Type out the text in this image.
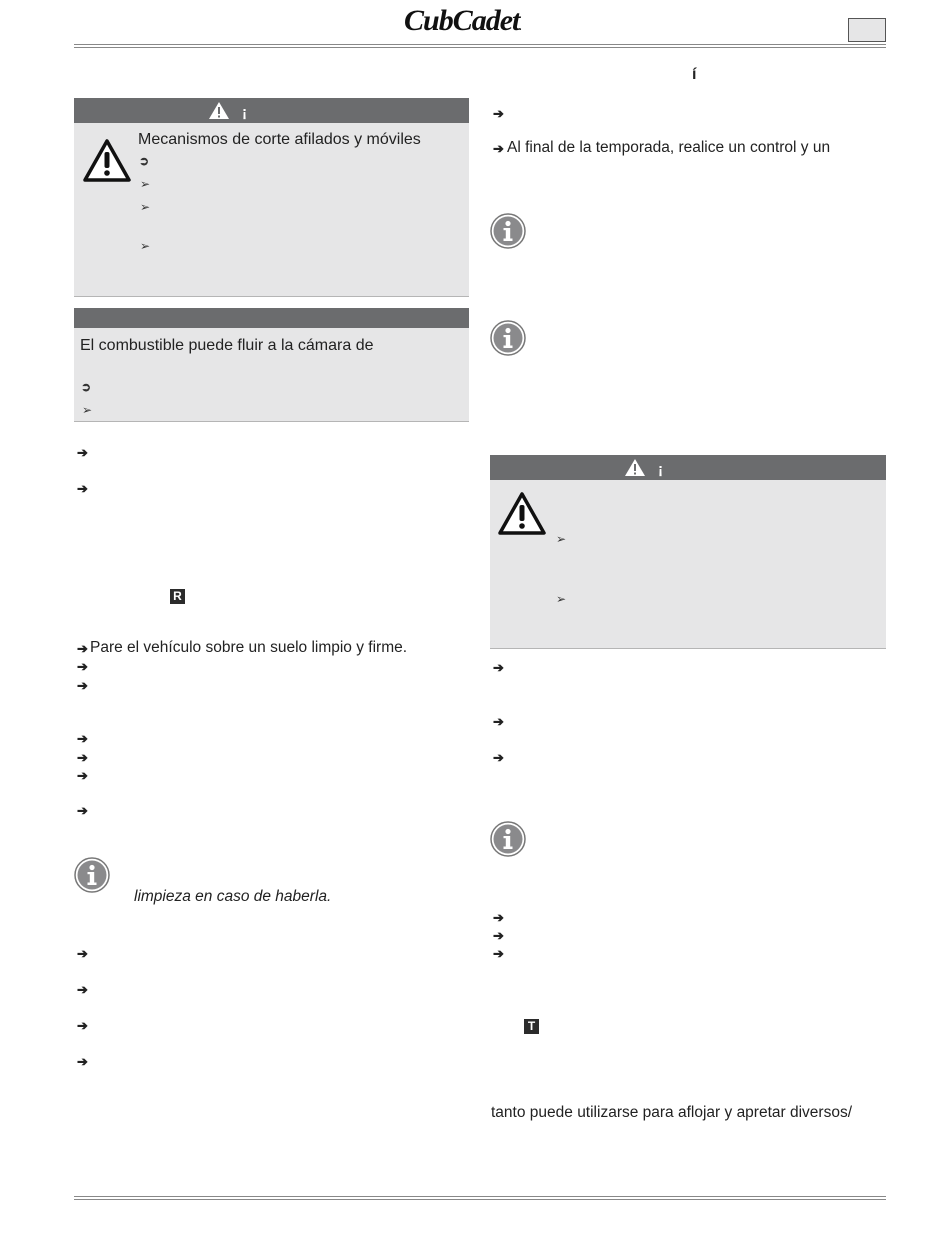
CubCadet.
í
¡
Mecanismos de corte afilados y móviles
➲
➢
➢
➢
El combustible puede fluir a la cámara de
➲
➢
➔
➔
R
➔ Pare el vehículo sobre un suelo limpio y firme.
➔
➔
➔
➔
➔
➔
limpieza en caso de haberla.
➔
➔
➔
➔
➔
➔ Al final de la temporada, realice un control y un
¡
➢
➢
➔
➔
➔
➔
➔
➔
T
tanto puede utilizarse para aflojar y apretar diversos/
